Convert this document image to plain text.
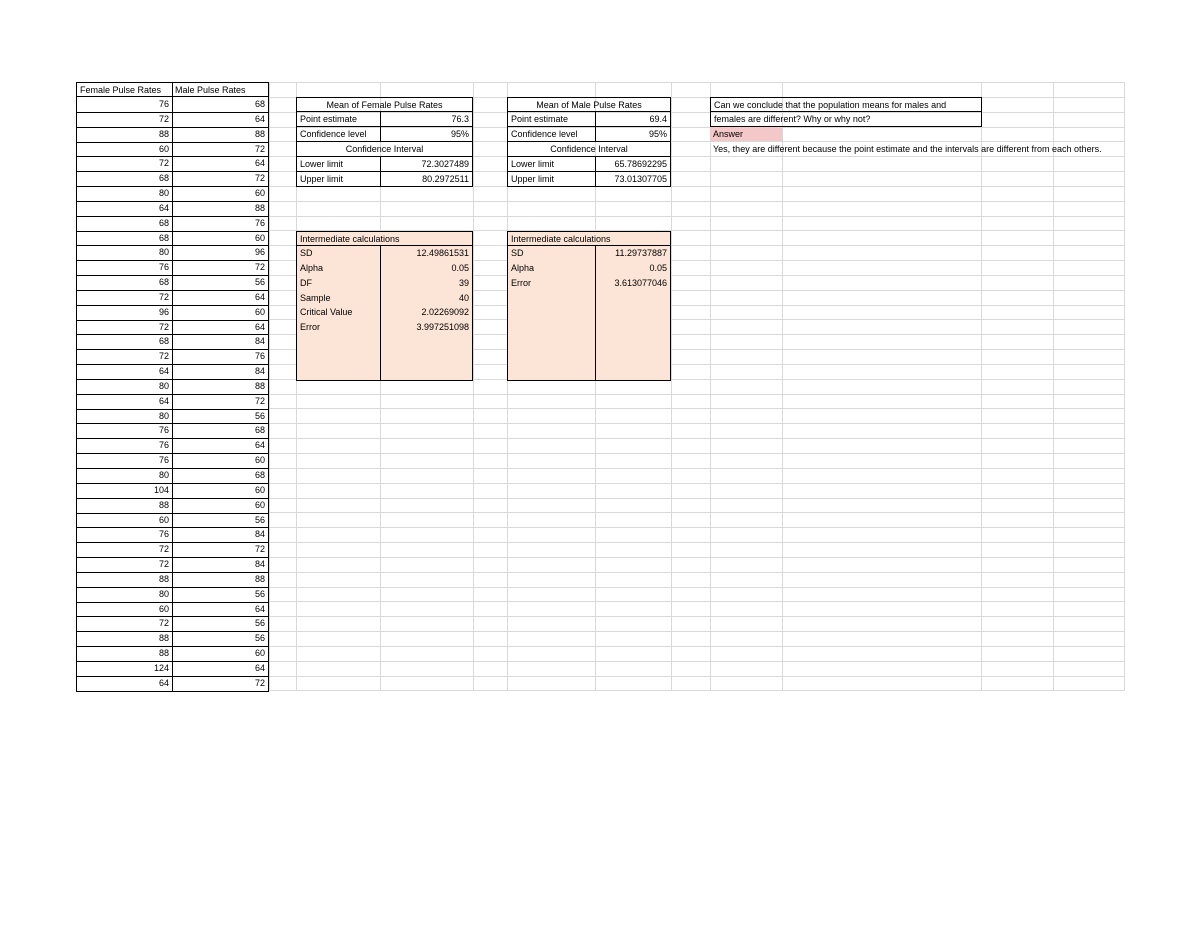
Female Pulse Rates	Male Pulse Rates
76	68
72	64
88	88
60	72
72	64
68	72
80	60
64	88
68	76
68	60
80	96
76	72
68	56
72	64
96	60
72	64
68	84
72	76
64	84
80	88
64	72
80	56
76	68
76	64
76	60
80	68
104	60
88	60
60	56
76	84
72	72
72	84
88	88
80	56
60	64
72	56
88	56
88	60
124	64
64	72
Mean of Female Pulse Rates
Point estimate	76.3
Confidence level	95%
Confidence Interval
Lower limit	72.3027489
Upper limit	80.2972511
Mean of Male Pulse Rates
Point estimate	69.4
Confidence level	95%
Confidence Interval
Lower limit	65.78692295
Upper limit	73.01307705
Intermediate calculations
SD	12.49861531
Alpha	0.05
DF	39
Sample	40
Critical Value	2.02269092
Error	3.997251098
Intermediate calculations
SD	11.29737887
Alpha	0.05
Error	3.613077046
Can we conclude that the population means for males and
females are different? Why or why not?
Answer
Yes, they are different because the point estimate and the intervals are different from each others.
